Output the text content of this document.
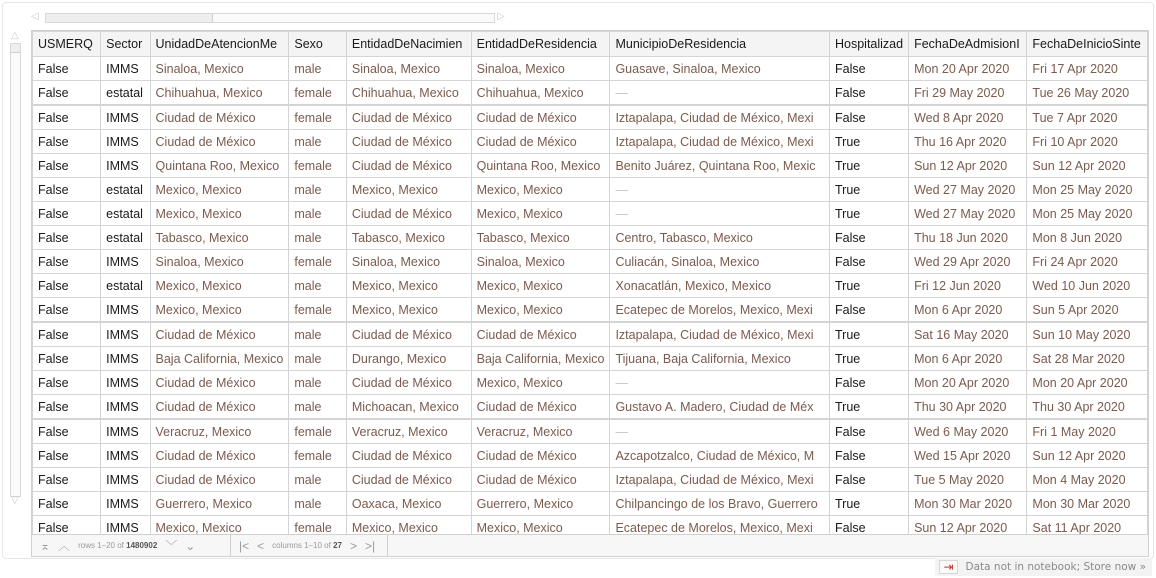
◁	▷
△
▽
USMERQ	Sector	UnidadDeAtencionMe	Sexo	EntidadDeNacimien	EntidadDeResidencia	MunicipioDeResidencia	Hospitalizad	FechaDeAdmisionI	FechaDeInicioSinte
False	IMMS	Sinaloa, Mexico	male	Sinaloa, Mexico	Sinaloa, Mexico	Guasave, Sinaloa, Mexico	False	Mon 20 Apr 2020	Fri 17 Apr 2020
False	estatal	Chihuahua, Mexico	female	Chihuahua, Mexico	Chihuahua, Mexico	—	False	Fri 29 May 2020	Tue 26 May 2020
False	IMMS	Ciudad de México	female	Ciudad de México	Ciudad de México	Iztapalapa, Ciudad de México, Mexi	False	Wed 8 Apr 2020	Tue 7 Apr 2020
False	IMMS	Ciudad de México	male	Ciudad de México	Ciudad de México	Iztapalapa, Ciudad de México, Mexi	True	Thu 16 Apr 2020	Fri 10 Apr 2020
False	IMMS	Quintana Roo, Mexico	female	Ciudad de México	Quintana Roo, Mexico	Benito Juárez, Quintana Roo, Mexic	True	Sun 12 Apr 2020	Sun 12 Apr 2020
False	estatal	Mexico, Mexico	male	Mexico, Mexico	Mexico, Mexico	—	True	Wed 27 May 2020	Mon 25 May 2020
False	estatal	Mexico, Mexico	male	Ciudad de México	Mexico, Mexico	—	True	Wed 27 May 2020	Mon 25 May 2020
False	estatal	Tabasco, Mexico	male	Tabasco, Mexico	Tabasco, Mexico	Centro, Tabasco, Mexico	False	Thu 18 Jun 2020	Mon 8 Jun 2020
False	IMMS	Sinaloa, Mexico	female	Sinaloa, Mexico	Sinaloa, Mexico	Culiacán, Sinaloa, Mexico	False	Wed 29 Apr 2020	Fri 24 Apr 2020
False	estatal	Mexico, Mexico	male	Mexico, Mexico	Mexico, Mexico	Xonacatlán, Mexico, Mexico	True	Fri 12 Jun 2020	Wed 10 Jun 2020
False	IMMS	Mexico, Mexico	female	Mexico, Mexico	Mexico, Mexico	Ecatepec de Morelos, Mexico, Mexi	False	Mon 6 Apr 2020	Sun 5 Apr 2020
False	IMMS	Ciudad de México	male	Ciudad de México	Ciudad de México	Iztapalapa, Ciudad de México, Mexi	True	Sat 16 May 2020	Sun 10 May 2020
False	IMMS	Baja California, Mexico	male	Durango, Mexico	Baja California, Mexico	Tijuana, Baja California, Mexico	True	Mon 6 Apr 2020	Sat 28 Mar 2020
False	IMMS	Ciudad de México	male	Ciudad de México	Mexico, Mexico	—	False	Mon 20 Apr 2020	Mon 20 Apr 2020
False	IMMS	Ciudad de México	male	Michoacan, Mexico	Ciudad de México	Gustavo A. Madero, Ciudad de Méx	True	Thu 30 Apr 2020	Thu 30 Apr 2020
False	IMMS	Veracruz, Mexico	female	Veracruz, Mexico	Veracruz, Mexico	—	False	Wed 6 May 2020	Fri 1 May 2020
False	IMMS	Ciudad de México	female	Ciudad de México	Ciudad de México	Azcapotzalco, Ciudad de México, M	False	Wed 15 Apr 2020	Sun 12 Apr 2020
False	IMMS	Ciudad de México	male	Ciudad de México	Ciudad de México	Iztapalapa, Ciudad de México, Mexi	False	Tue 5 May 2020	Mon 4 May 2020
False	IMMS	Guerrero, Mexico	male	Oaxaca, Mexico	Guerrero, Mexico	Chilpancingo de los Bravo, Guerrero	True	Mon 30 Mar 2020	Mon 30 Mar 2020
False	IMMS	Mexico, Mexico	female	Mexico, Mexico	Mexico, Mexico	Ecatepec de Morelos, Mexico, Mexi	False	Sun 12 Apr 2020	Sat 11 Apr 2020
⌅ ︿ rows 1–20 of 1480902 ﹀ ⌄	|< < columns 1–10 of 27 > >|
⇥	Data not in notebook; Store now »
